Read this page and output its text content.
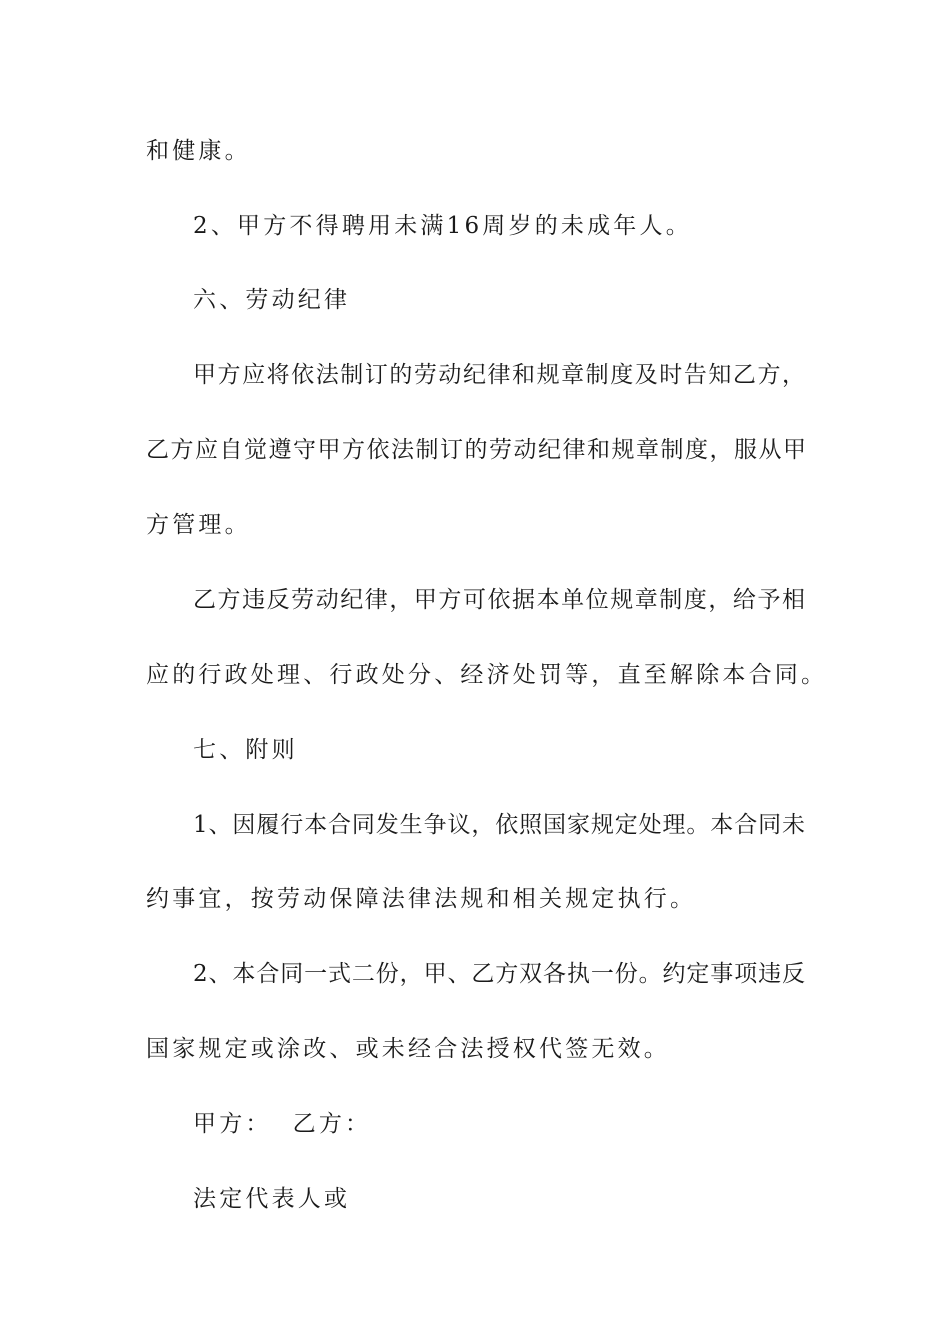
和健康。
2、甲方不得聘用未满16周岁的未成年人。
六、劳动纪律
甲方应将依法制订的劳动纪律和规章制度及时告知乙方，
乙方应自觉遵守甲方依法制订的劳动纪律和规章制度，服从甲
方管理。
乙方违反劳动纪律，甲方可依据本单位规章制度，给予相
应的行政处理、行政处分、经济处罚等，直至解除本合同。
七、附则
1、因履行本合同发生争议，依照国家规定处理。本合同未
约事宜，按劳动保障法律法规和相关规定执行。
2、本合同一式二份，甲、乙方双各执一份。约定事项违反
国家规定或涂改、或未经合法授权代签无效。
甲方：  乙方：
法定代表人或
